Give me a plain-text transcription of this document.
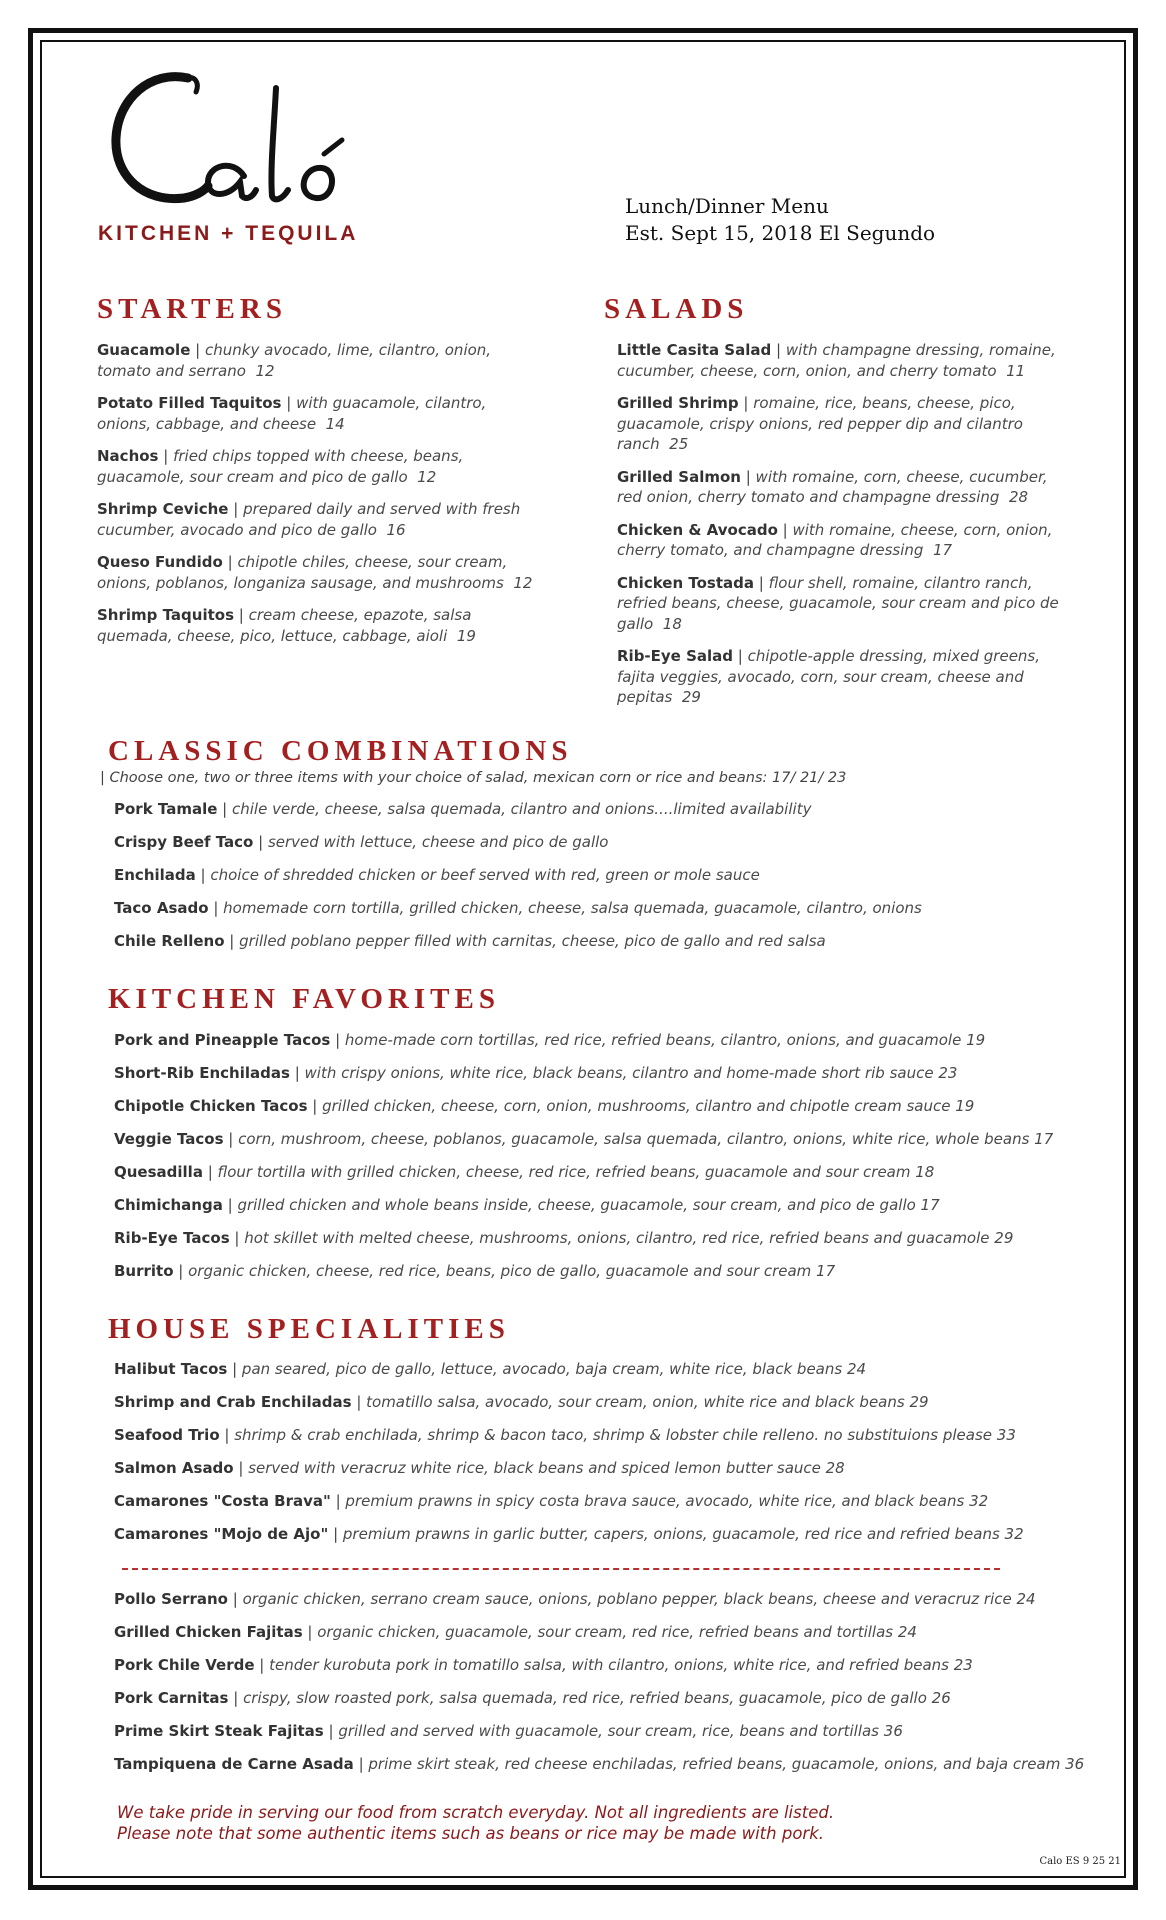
KITCHEN + TEQUILA
Lunch/Dinner Menu
Est. Sept 15, 2018 El Segundo
STARTERS
Guacamole | chunky avocado, lime, cilantro, onion, tomato and serrano 12
Potato Filled Taquitos | with guacamole, cilantro, onions, cabbage, and cheese 14
Nachos | fried chips topped with cheese, beans, guacamole, sour cream and pico de gallo 12
Shrimp Ceviche | prepared daily and served with fresh cucumber, avocado and pico de gallo 16
Queso Fundido | chipotle chiles, cheese, sour cream, onions, poblanos, longaniza sausage, and mushrooms 12
Shrimp Taquitos | cream cheese, epazote, salsa quemada, cheese, pico, lettuce, cabbage, aioli 19
SALADS
Little Casita Salad | with champagne dressing, romaine, cucumber, cheese, corn, onion, and cherry tomato 11
Grilled Shrimp | romaine, rice, beans, cheese, pico, guacamole, crispy onions, red pepper dip and cilantro ranch 25
Grilled Salmon | with romaine, corn, cheese, cucumber, red onion, cherry tomato and champagne dressing 28
Chicken & Avocado | with romaine, cheese, corn, onion, cherry tomato, and champagne dressing 17
Chicken Tostada | flour shell, romaine, cilantro ranch, refried beans, cheese, guacamole, sour cream and pico de gallo 18
Rib-Eye Salad | chipotle-apple dressing, mixed greens, fajita veggies, avocado, corn, sour cream, cheese and pepitas 29
CLASSIC COMBINATIONS
| Choose one, two or three items with your choice of salad, mexican corn or rice and beans: 17/ 21/ 23
Pork Tamale | chile verde, cheese, salsa quemada, cilantro and onions....limited availability
Crispy Beef Taco | served with lettuce, cheese and pico de gallo
Enchilada | choice of shredded chicken or beef served with red, green or mole sauce
Taco Asado | homemade corn tortilla, grilled chicken, cheese, salsa quemada, guacamole, cilantro, onions
Chile Relleno | grilled poblano pepper filled with carnitas, cheese, pico de gallo and red salsa
KITCHEN FAVORITES
Pork and Pineapple Tacos | home-made corn tortillas, red rice, refried beans, cilantro, onions, and guacamole 19
Short-Rib Enchiladas | with crispy onions, white rice, black beans, cilantro and home-made short rib sauce 23
Chipotle Chicken Tacos | grilled chicken, cheese, corn, onion, mushrooms, cilantro and chipotle cream sauce 19
Veggie Tacos | corn, mushroom, cheese, poblanos, guacamole, salsa quemada, cilantro, onions, white rice, whole beans 17
Quesadilla | flour tortilla with grilled chicken, cheese, red rice, refried beans, guacamole and sour cream 18
Chimichanga | grilled chicken and whole beans inside, cheese, guacamole, sour cream, and pico de gallo 17
Rib-Eye Tacos | hot skillet with melted cheese, mushrooms, onions, cilantro, red rice, refried beans and guacamole 29
Burrito | organic chicken, cheese, red rice, beans, pico de gallo, guacamole and sour cream 17
HOUSE SPECIALITIES
Halibut Tacos | pan seared, pico de gallo, lettuce, avocado, baja cream, white rice, black beans 24
Shrimp and Crab Enchiladas | tomatillo salsa, avocado, sour cream, onion, white rice and black beans 29
Seafood Trio | shrimp & crab enchilada, shrimp & bacon taco, shrimp & lobster chile relleno. no substituions please 33
Salmon Asado | served with veracruz white rice, black beans and spiced lemon butter sauce 28
Camarones "Costa Brava" | premium prawns in spicy costa brava sauce, avocado, white rice, and black beans 32
Camarones "Mojo de Ajo" | premium prawns in garlic butter, capers, onions, guacamole, red rice and refried beans 32
Pollo Serrano | organic chicken, serrano cream sauce, onions, poblano pepper, black beans, cheese and veracruz rice 24
Grilled Chicken Fajitas | organic chicken, guacamole, sour cream, red rice, refried beans and tortillas 24
Pork Chile Verde | tender kurobuta pork in tomatillo salsa, with cilantro, onions, white rice, and refried beans 23
Pork Carnitas | crispy, slow roasted pork, salsa quemada, red rice, refried beans, guacamole, pico de gallo 26
Prime Skirt Steak Fajitas | grilled and served with guacamole, sour cream, rice, beans and tortillas 36
Tampiquena de Carne Asada | prime skirt steak, red cheese enchiladas, refried beans, guacamole, onions, and baja cream 36
We take pride in serving our food from scratch everyday. Not all ingredients are listed.
Please note that some authentic items such as beans or rice may be made with pork.
Calo ES 9 25 21
